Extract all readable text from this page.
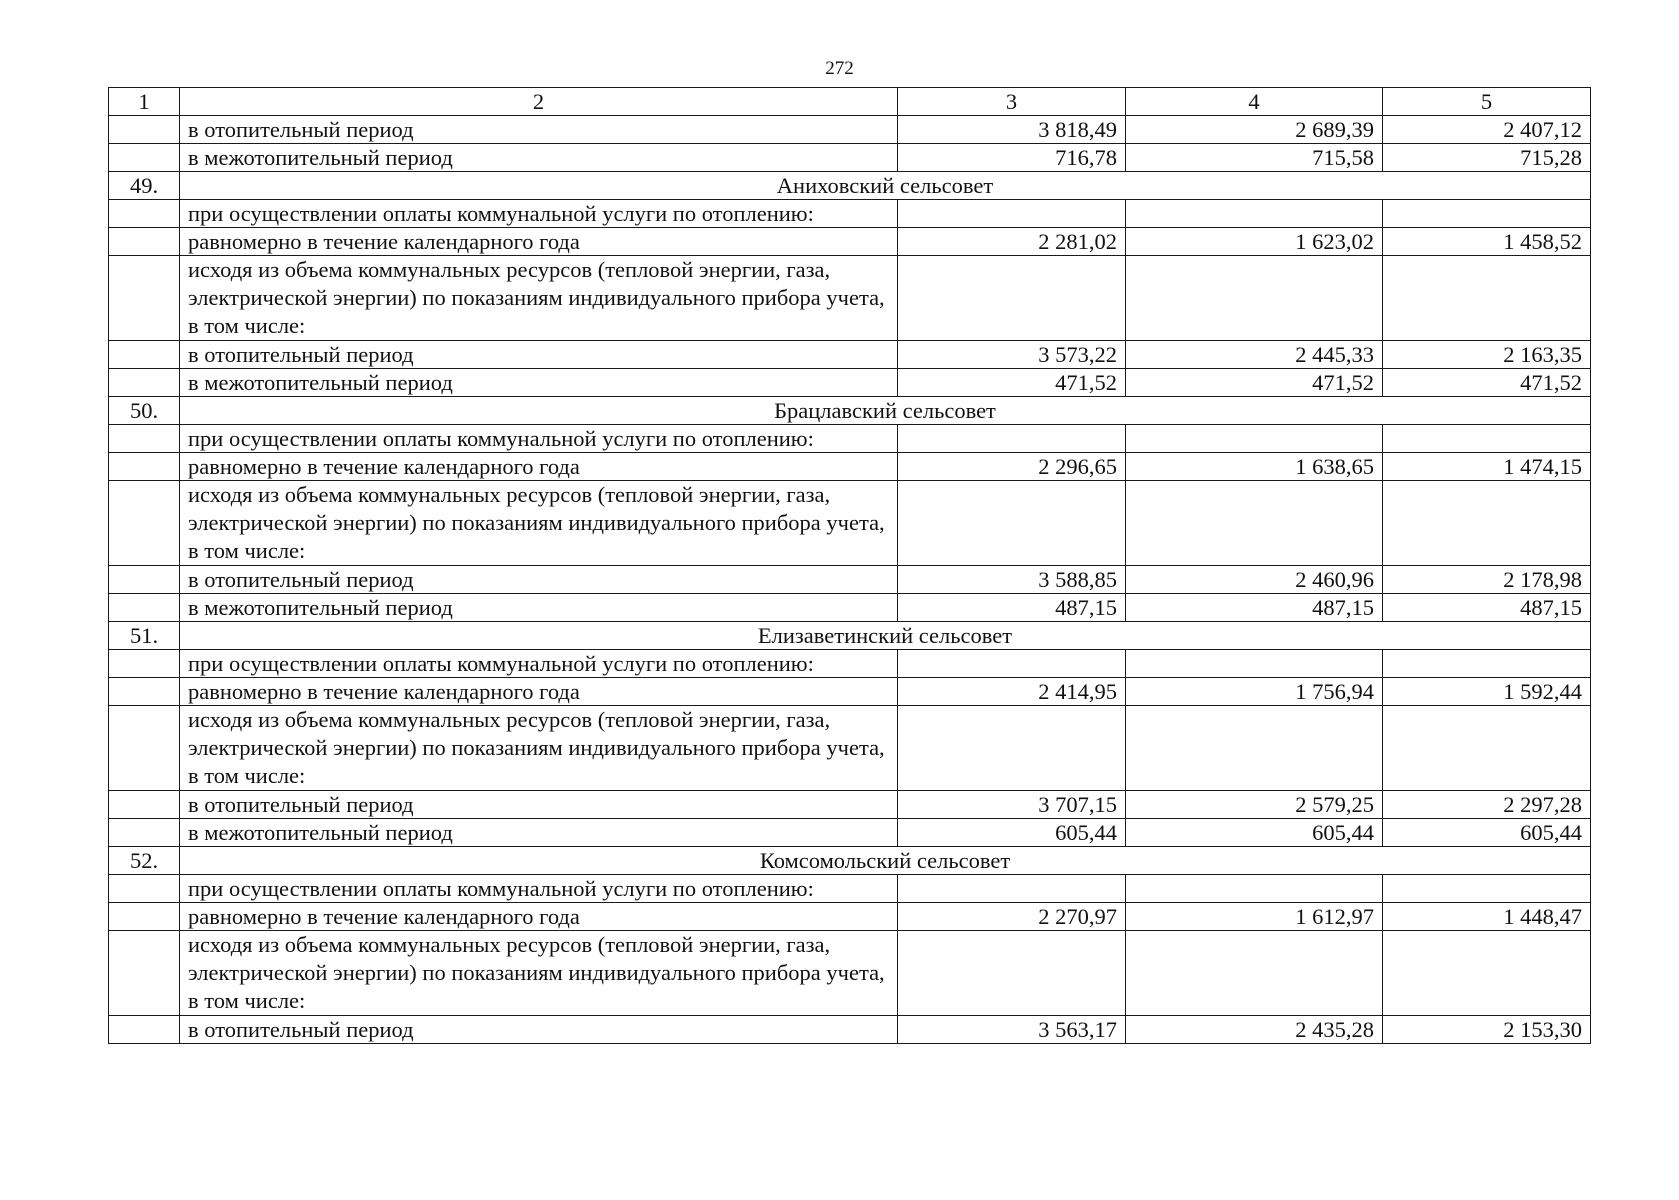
272
1	2	3	4	5
	в отопительный период	3 818,49	2 689,39	2 407,12
	в межотопительный период	716,78	715,58	715,28
49.	Аниховский сельсовет			
	при осуществлении оплаты коммунальной услуги по отоплению:			
	равномерно в течение календарного года	2 281,02	1 623,02	1 458,52
	исходя из объема коммунальных ресурсов (тепловой энергии, газа, электрической энергии) по показаниям индивидуального прибора учета, в том числе:			
	в отопительный период	3 573,22	2 445,33	2 163,35
	в межотопительный период	471,52	471,52	471,52
50.	Брацлавский сельсовет			
	при осуществлении оплаты коммунальной услуги по отоплению:			
	равномерно в течение календарного года	2 296,65	1 638,65	1 474,15
	исходя из объема коммунальных ресурсов (тепловой энергии, газа, электрической энергии) по показаниям индивидуального прибора учета, в том числе:			
	в отопительный период	3 588,85	2 460,96	2 178,98
	в межотопительный период	487,15	487,15	487,15
51.	Елизаветинский сельсовет			
	при осуществлении оплаты коммунальной услуги по отоплению:			
	равномерно в течение календарного года	2 414,95	1 756,94	1 592,44
	исходя из объема коммунальных ресурсов (тепловой энергии, газа, электрической энергии) по показаниям индивидуального прибора учета, в том числе:			
	в отопительный период	3 707,15	2 579,25	2 297,28
	в межотопительный период	605,44	605,44	605,44
52.	Комсомольский сельсовет			
	при осуществлении оплаты коммунальной услуги по отоплению:			
	равномерно в течение календарного года	2 270,97	1 612,97	1 448,47
	исходя из объема коммунальных ресурсов (тепловой энергии, газа, электрической энергии) по показаниям индивидуального прибора учета, в том числе:			
	в отопительный период	3 563,17	2 435,28	2 153,30
